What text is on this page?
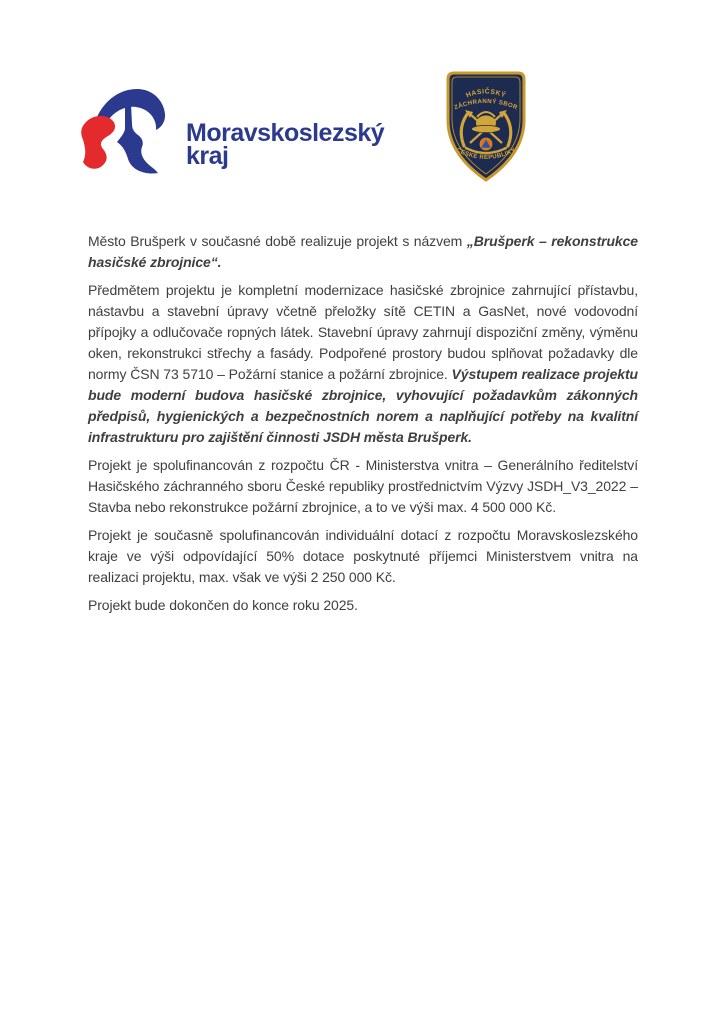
Moravskoslezský
kraj
HASIČSKÝ
ZÁCHRANNÝ SBOR
ČESKÉ REPUBLIKY

Město Brušperk v současné době realizuje projekt s názvem „Brušperk – rekonstrukce hasičské zbrojnice“.

Předmětem projektu je kompletní modernizace hasičské zbrojnice zahrnující přístavbu, nástavbu a stavební úpravy včetně přeložky sítě CETIN a GasNet, nové vodovodní přípojky a odlučovače ropných látek. Stavební úpravy zahrnují dispoziční změny, výměnu oken, rekonstrukci střechy a fasády. Podpořené prostory budou splňovat požadavky dle normy ČSN 73 5710 – Požární stanice a požární zbrojnice. Výstupem realizace projektu bude moderní budova hasičské zbrojnice, vyhovující požadavkům zákonných předpisů, hygienických a bezpečnostních norem a naplňující potřeby na kvalitní infrastrukturu pro zajištění činnosti JSDH města Brušperk.

Projekt je spolufinancován z rozpočtu ČR - Ministerstva vnitra – Generálního ředitelství Hasičského záchranného sboru České republiky prostřednictvím Výzvy JSDH_V3_2022 – Stavba nebo rekonstrukce požární zbrojnice, a to ve výši max. 4 500 000 Kč.

Projekt je současně spolufinancován individuální dotací z rozpočtu Moravskoslezského kraje ve výši odpovídající 50% dotace poskytnuté příjemci Ministerstvem vnitra na realizaci projektu, max. však ve výši 2 250 000 Kč.

Projekt bude dokončen do konce roku 2025.
